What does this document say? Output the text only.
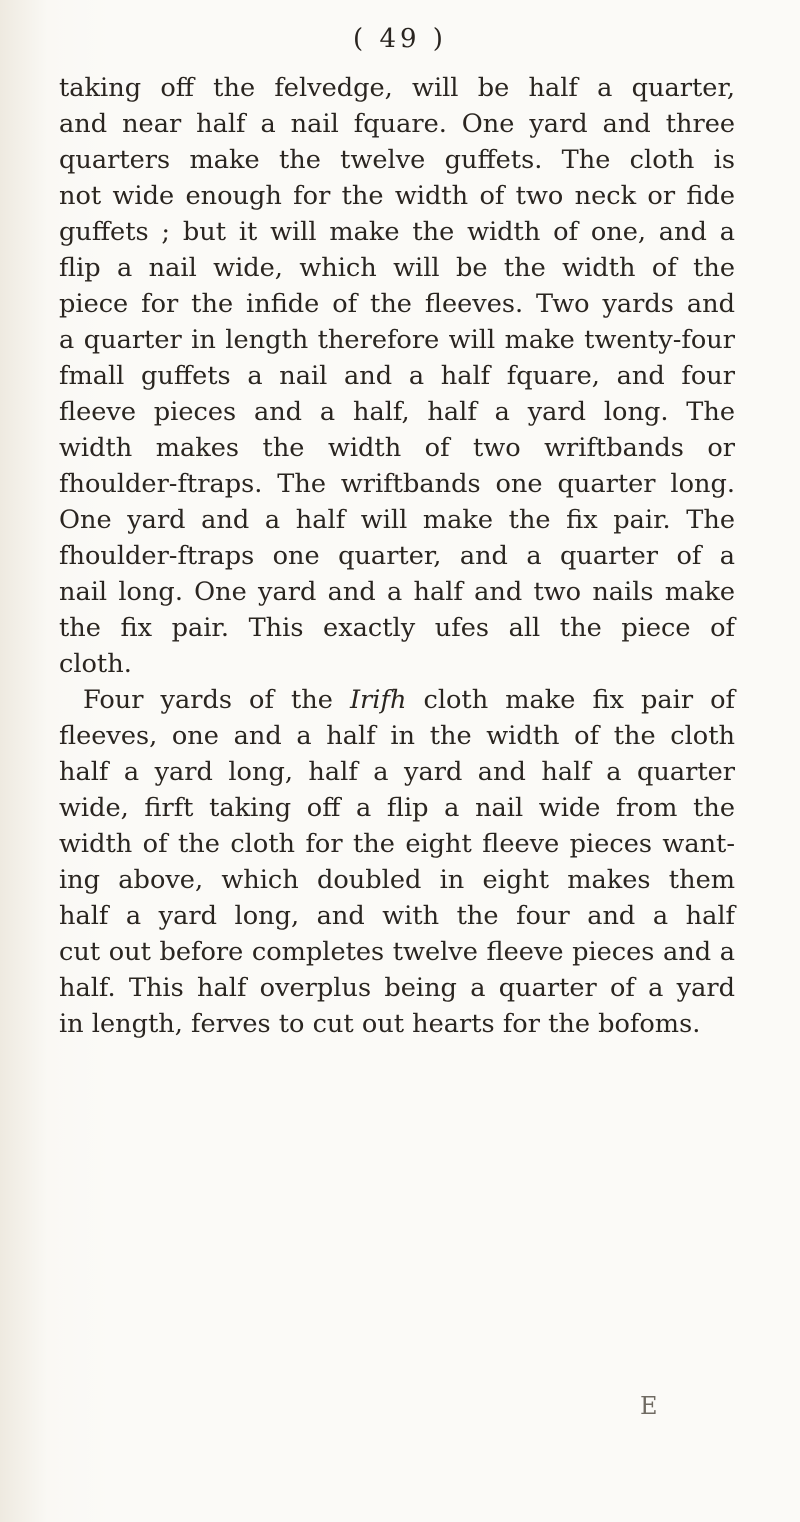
( 49 )
taking off the felvedge, will be half a quarter,
and near half a nail fquare. One yard and three
quarters make the twelve guffets. The cloth is
not wide enough for the width of two neck or fide
guffets ; but it will make the width of one, and a
flip a nail wide, which will be the width of the
piece for the infide of the fleeves. Two yards and
a quarter in length therefore will make twenty-four
fmall guffets a nail and a half fquare, and four
fleeve pieces and a half, half a yard long. The
width makes the width of two wriftbands or
fhoulder-ftraps. The wriftbands one quarter long.
One yard and a half will make the fix pair. The
fhoulder-ftraps one quarter, and a quarter of a
nail long. One yard and a half and two nails make
the fix pair. This exactly ufes all the piece of
cloth.
Four yards of the Irifh cloth make fix pair of
fleeves, one and a half in the width of the cloth
half a yard long, half a yard and half a quarter
wide, firft taking off a flip a nail wide from the
width of the cloth for the eight fleeve pieces want-
ing above, which doubled in eight makes them
half a yard long, and with the four and a half
cut out before completes twelve fleeve pieces and a
half. This half overplus being a quarter of a yard
in length, ferves to cut out hearts for the bofoms.
E
